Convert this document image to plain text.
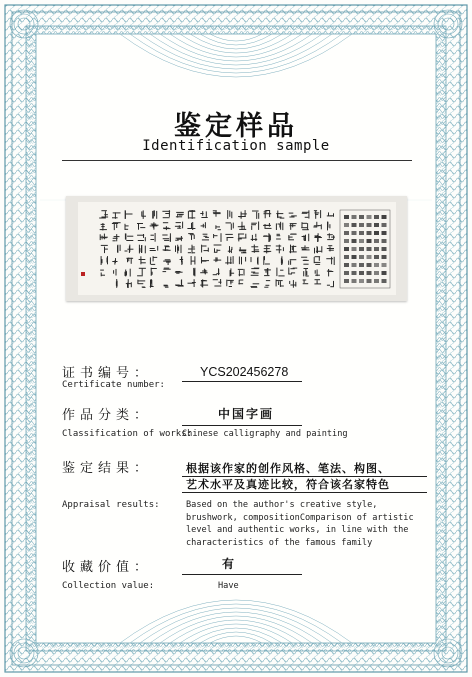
鉴定样品
Identification sample
证书编号：
Certificate number:
YCS202456278
作品分类：	中国字画
Classification of works:
Chinese calligraphy and painting
鉴定结果：	根据该作家的创作风格、笔法、构图、
艺术水平及真迹比较，符合该名家特色
Appraisal results:	Based on the author's creative style,
brushwork, compositionComparison of artistic
level and authentic works, in line with the
characteristics of the famous family
收藏价值：	有
Collection value:	Have
